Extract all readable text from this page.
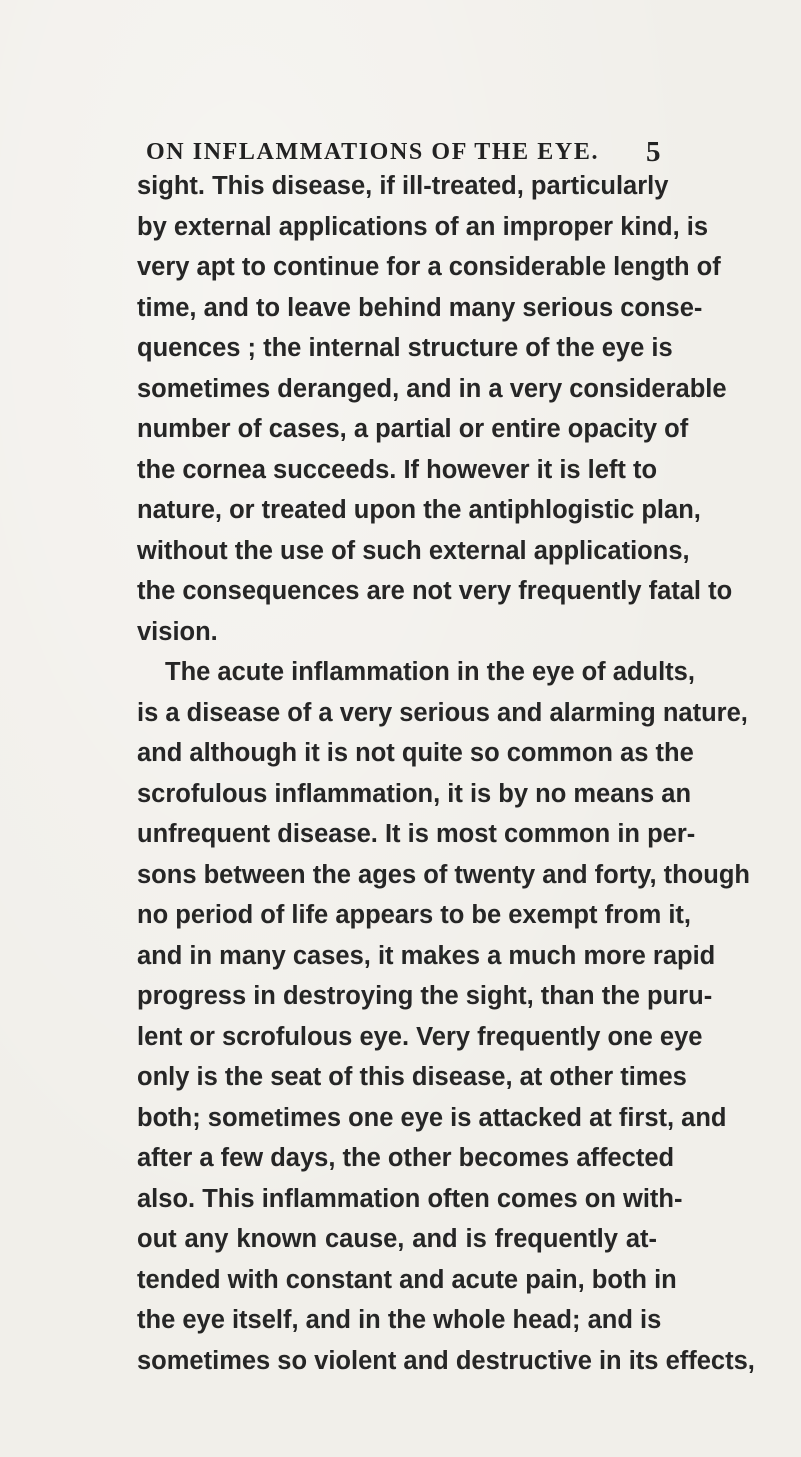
ON INFLAMMATIONS OF THE EYE. 5
sight. This disease, if ill-treated, particularly
by external applications of an improper kind, is
very apt to continue for a considerable length of
time, and to leave behind many serious conse-
quences ; the internal structure of the eye is
sometimes deranged, and in a very considerable
number of cases, a partial or entire opacity of
the cornea succeeds. If however it is left to
nature, or treated upon the antiphlogistic plan,
without the use of such external applications,
the consequences are not very frequently fatal to
vision.
The acute inflammation in the eye of adults,
is a disease of a very serious and alarming nature,
and although it is not quite so common as the
scrofulous inflammation, it is by no means an
unfrequent disease. It is most common in per-
sons between the ages of twenty and forty, though
no period of life appears to be exempt from it,
and in many cases, it makes a much more rapid
progress in destroying the sight, than the puru-
lent or scrofulous eye. Very frequently one eye
only is the seat of this disease, at other times
both; sometimes one eye is attacked at first, and
after a few days, the other becomes affected
also. This inflammation often comes on with-
out any known cause, and is frequently at-
tended with constant and acute pain, both in
the eye itself, and in the whole head; and is
sometimes so violent and destructive in its effects,
